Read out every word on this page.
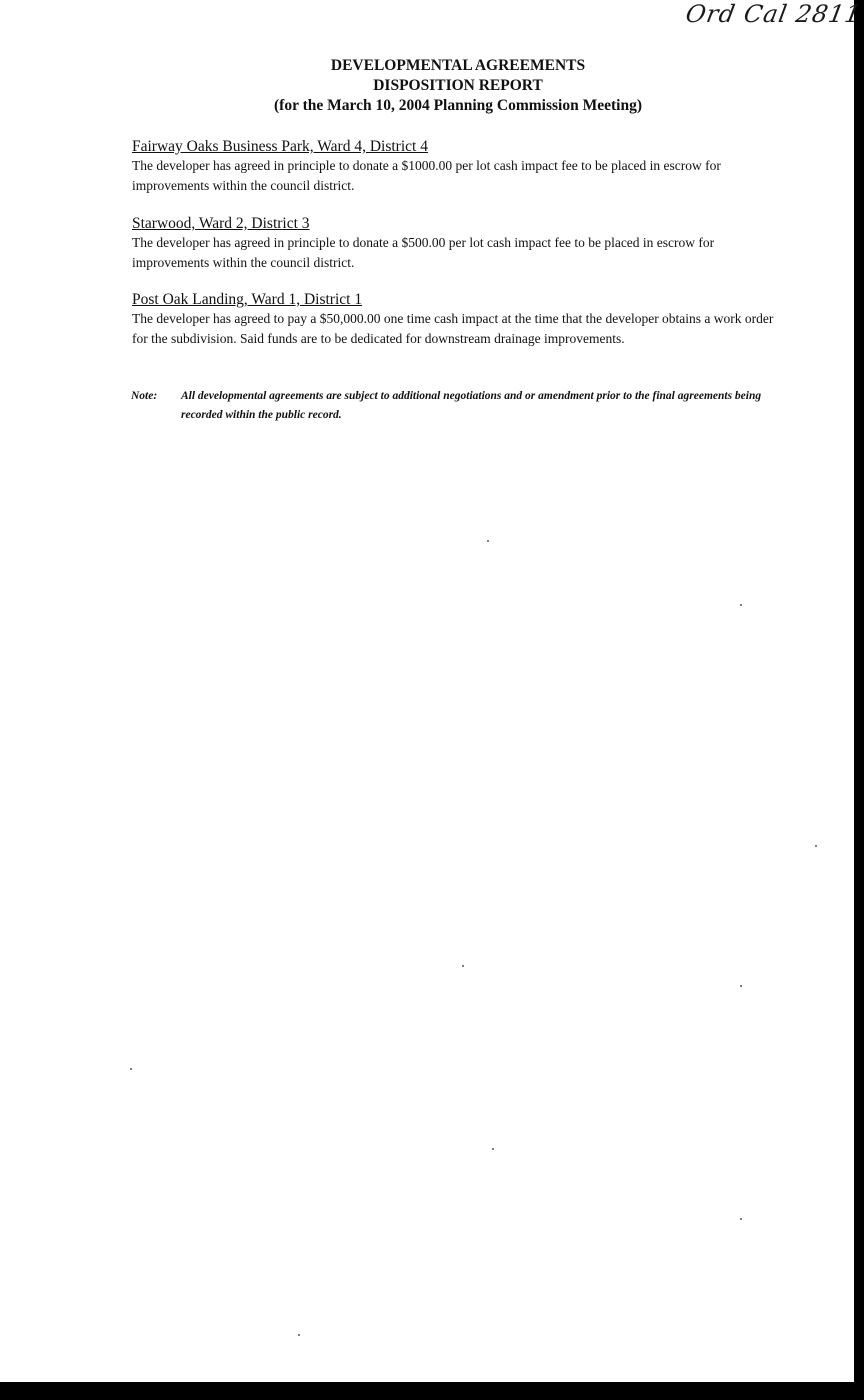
Ord Cal 2811
DEVELOPMENTAL AGREEMENTS
DISPOSITION REPORT
(for the March 10, 2004 Planning Commission Meeting)
Fairway Oaks Business Park, Ward 4, District 4
The developer has agreed in principle to donate a $1000.00 per lot cash impact fee to be placed in escrow for improvements within the council district.
Starwood, Ward 2, District 3
The developer has agreed in principle to donate a $500.00 per lot cash impact fee to be placed in escrow for improvements within the council district.
Post Oak Landing, Ward 1, District 1
The developer has agreed to pay a $50,000.00 one time cash impact at the time that the developer obtains a work order for the subdivision. Said funds are to be dedicated for downstream drainage improvements.
Note: All developmental agreements are subject to additional negotiations and or amendment prior to the final agreements being recorded within the public record.
